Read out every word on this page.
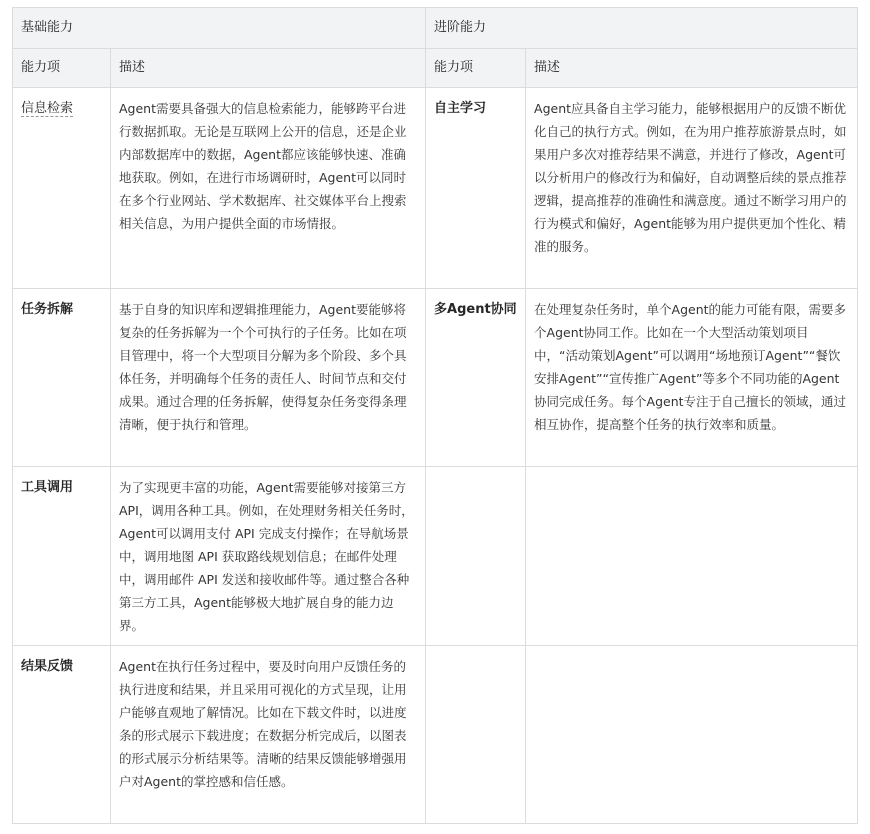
基础能力		进阶能力	
能力项	描述	能力项	描述
信息检索	Agent需要具备强大的信息检索能力，能够跨平台进行数据抓取。无论是互联网上公开的信息，还是企业内部数据库中的数据，Agent都应该能够快速、准确地获取。例如，在进行市场调研时，Agent可以同时在多个行业网站、学术数据库、社交媒体平台上搜索相关信息，为用户提供全面的市场情报。	自主学习	Agent应具备自主学习能力，能够根据用户的反馈不断优化自己的执行方式。例如，在为用户推荐旅游景点时，如果用户多次对推荐结果不满意，并进行了修改，Agent可以分析用户的修改行为和偏好，自动调整后续的景点推荐逻辑，提高推荐的准确性和满意度。通过不断学习用户的行为模式和偏好，Agent能够为用户提供更加个性化、精准的服务。
任务拆解	基于自身的知识库和逻辑推理能力，Agent要能够将复杂的任务拆解为一个个可执行的子任务。比如在项目管理中，将一个大型项目分解为多个阶段、多个具体任务，并明确每个任务的责任人、时间节点和交付成果。通过合理的任务拆解，使得复杂任务变得条理清晰，便于执行和管理。	多Agent协同	在处理复杂任务时，单个Agent的能力可能有限，需要多个Agent协同工作。比如在一个大型活动策划项目中，“活动策划Agent”可以调用“场地预订Agent”“餐饮安排Agent”“宣传推广Agent”等多个不同功能的Agent协同完成任务。每个Agent专注于自己擅长的领域，通过相互协作，提高整个任务的执行效率和质量。
工具调用	为了实现更丰富的功能，Agent需要能够对接第三方 API，调用各种工具。例如，在处理财务相关任务时，Agent可以调用支付 API 完成支付操作；在导航场景中，调用地图 API 获取路线规划信息；在邮件处理中，调用邮件 API 发送和接收邮件等。通过整合各种第三方工具，Agent能够极大地扩展自身的能力边界。		
结果反馈	Agent在执行任务过程中，要及时向用户反馈任务的执行进度和结果，并且采用可视化的方式呈现，让用户能够直观地了解情况。比如在下载文件时，以进度条的形式展示下载进度；在数据分析完成后，以图表的形式展示分析结果等。清晰的结果反馈能够增强用户对Agent的掌控感和信任感。		
